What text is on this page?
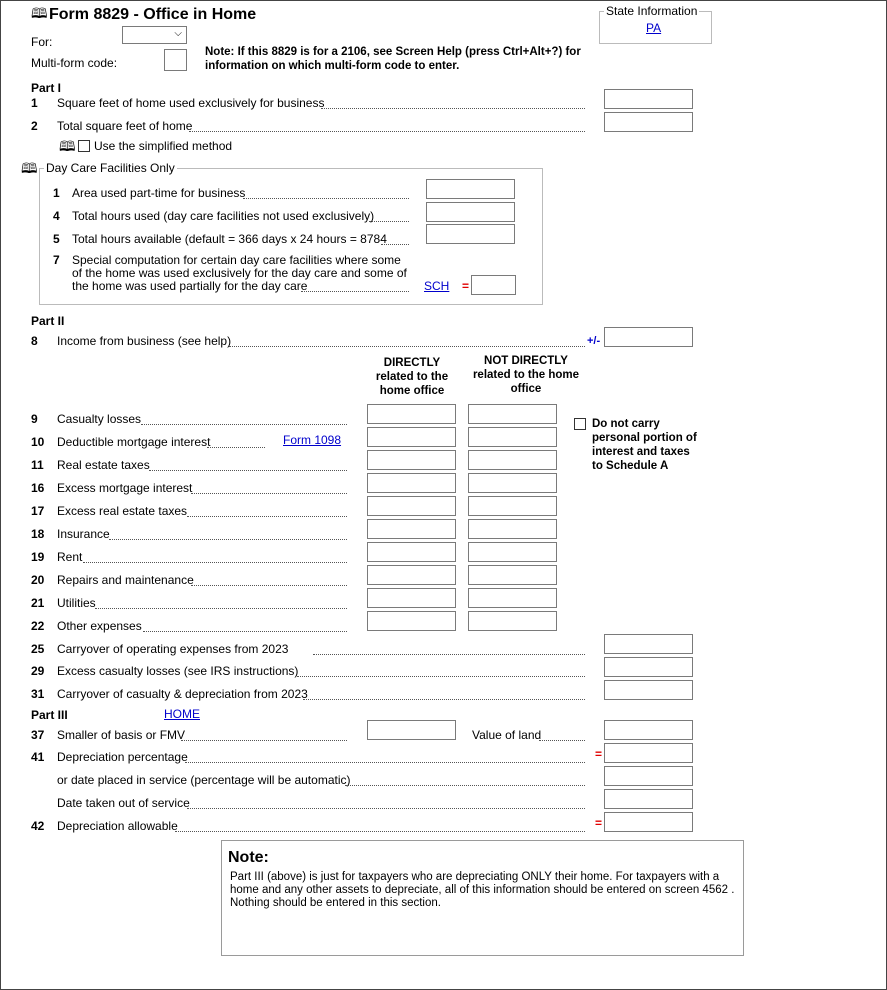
🕮 Form 8829 - Office in Home
For:
⌵
Multi-form code:
Note: If this 8829 is for a 2106, see Screen Help (press Ctrl+Alt+?) for information on which multi-form code to enter.
State Information
PA
Part I
1 Square feet of home used exclusively for business
2 Total square feet of home
🕮 Use the simplified method
🕮 Day Care Facilities Only
1 Area used part-time for business
4 Total hours used (day care facilities not used exclusively)
5 Total hours available (default = 366 days x 24 hours = 8784
7 Special computation for certain day care facilities where some
of the home was used exclusively for the day care and some of
the home was used partially for the day care	SCH =
Part II
8 Income from business (see help)	+/-
DIRECTLY
related to the
home office
NOT DIRECTLY
related to the home
office
9 Casualty losses
10 Deductible mortgage interest	Form 1098
11 Real estate taxes
16 Excess mortgage interest
17 Excess real estate taxes
18 Insurance
19 Rent
20 Repairs and maintenance
21 Utilities
22 Other expenses
Do not carry
personal portion of
interest and taxes
to Schedule A
25 Carryover of operating expenses from 2023
29 Excess casualty losses (see IRS instructions)
31 Carryover of casualty & depreciation from 2023
Part III	HOME
37 Smaller of basis or FMV	Value of land
41 Depreciation percentage	=
or date placed in service (percentage will be automatic)
Date taken out of service
42 Depreciation allowable	=
Note:
Part III (above) is just for taxpayers who are depreciating ONLY their home. For taxpayers with a home and any other assets to depreciate, all of this information should be entered on screen 4562 . Nothing should be entered in this section.
